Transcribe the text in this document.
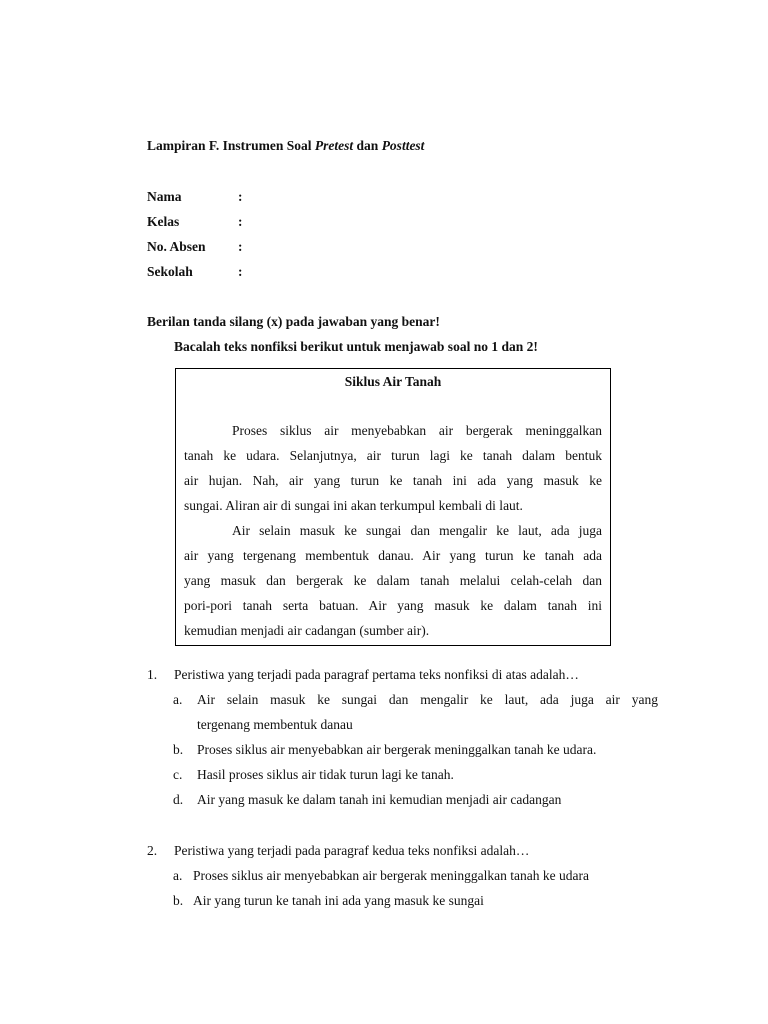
Lampiran F. Instrumen Soal Pretest dan Posttest
Nama	:
Kelas	:
No. Absen	:
Sekolah	:
Berilan tanda silang (x) pada jawaban yang benar!
Bacalah teks nonfiksi berikut untuk menjawab soal no 1 dan 2!
Siklus Air Tanah
Proses siklus air menyebabkan air bergerak meninggalkan
tanah ke udara. Selanjutnya, air turun lagi ke tanah dalam bentuk
air hujan. Nah, air yang turun ke tanah ini ada yang masuk ke
sungai. Aliran air di sungai ini akan terkumpul kembali di laut.
Air selain masuk ke sungai dan mengalir ke laut, ada juga
air yang tergenang membentuk danau. Air yang turun ke tanah ada
yang masuk dan bergerak ke dalam tanah melalui celah-celah dan
pori-pori tanah serta batuan. Air yang masuk ke dalam tanah ini
kemudian menjadi air cadangan (sumber air).
1. Peristiwa yang terjadi pada paragraf pertama teks nonfiksi di atas adalah…
a. Air selain masuk ke sungai dan mengalir ke laut, ada juga air yang
tergenang membentuk danau
b. Proses siklus air menyebabkan air bergerak meninggalkan tanah ke udara.
c. Hasil proses siklus air tidak turun lagi ke tanah.
d. Air yang masuk ke dalam tanah ini kemudian menjadi air cadangan
2. Peristiwa yang terjadi pada paragraf kedua teks nonfiksi adalah…
a. Proses siklus air menyebabkan air bergerak meninggalkan tanah ke udara
b. Air yang turun ke tanah ini ada yang masuk ke sungai
